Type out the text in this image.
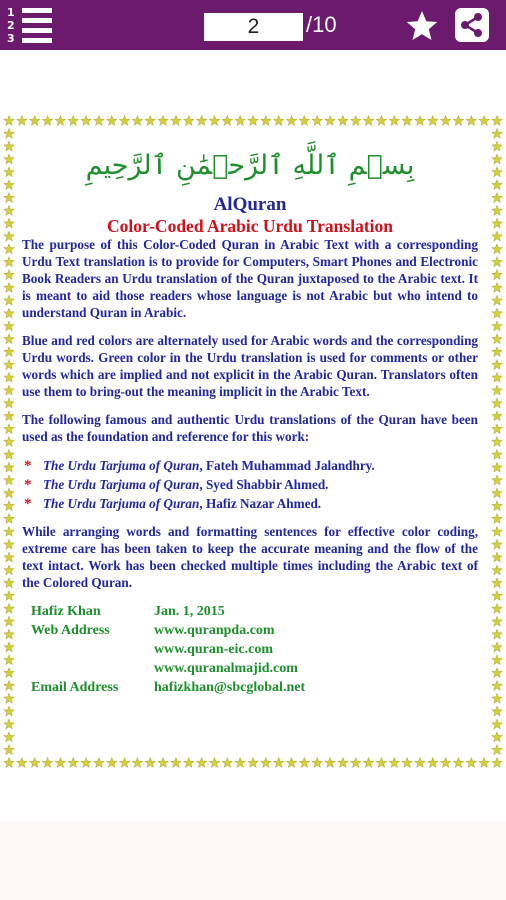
1
2
3
2
/10
بِسۡمِ ٱللَّهِ ٱلرَّحۡمَٰنِ ٱلرَّحِيمِ
AlQuran
Color-Coded Arabic Urdu Translation

The purpose of this Color-Coded Quran in Arabic Text with a corresponding Urdu Text translation is to provide for Computers, Smart Phones and Electronic Book Readers an Urdu translation of the Quran juxtaposed to the Arabic text. It is meant to aid those readers whose language is not Arabic but who intend to understand Quran in Arabic.

Blue and red colors are alternately used for Arabic words and the corresponding Urdu words. Green color in the Urdu translation is used for comments or other words which are implied and not explicit in the Arabic Quran. Translators often use them to bring-out the meaning implicit in the Arabic Text.

The following famous and authentic Urdu translations of the Quran have been used as the foundation and reference for this work:

* The Urdu Tarjuma of Quran, Fateh Muhammad Jalandhry.
* The Urdu Tarjuma of Quran, Syed Shabbir Ahmed.
* The Urdu Tarjuma of Quran, Hafiz Nazar Ahmed.

While arranging words and formatting sentences for effective color coding, extreme care has been taken to keep the accurate meaning and the flow of the text intact. Work has been checked multiple times including the Arabic text of the Colored Quran.

Hafiz Khan	Jan. 1, 2015
Web Address	www.quranpda.com
www.quran-eic.com
www.quranalmajid.com
Email Address	hafizkhan@sbcglobal.net
